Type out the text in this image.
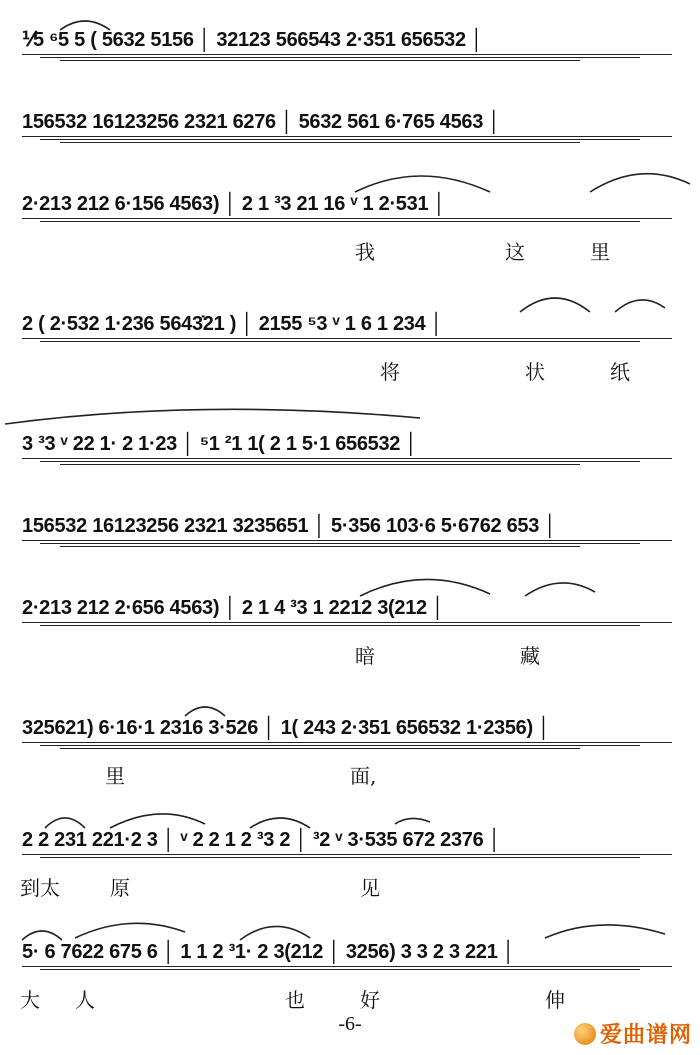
⅟5 ⁶5 5 ( 5632 5156 │ 32123 566543 2·351 656532 │
156532 16123256 2321 6276 │ 5632 561 6·765 4563 │
2·213 212 6·156 4563) │ 2 1 ³3 21 16 ᵛ 1 2·531 │
我	这	里
2 ( 2·532 1·236 5643̇21 ) │ 2155 ⁵3 ᵛ 1 6 1 234 │
将	状	纸
3 ³3 ᵛ 22 1· 2 1·23 │ ⁵1 ²1 1( 2 1 5·1 656532 │
156532 16123256 2321 3235651 │ 5·356 103·6 5·6762 653 │
2·213 212 2·656 4563) │ 2 1 4 ³3 1 2212 3(212 │
暗	藏
325621) 6·16·1 2316 3·526 │ 1( 243 2·351 656532 1·2356) │
里	面,
2 2 231 221·2 3 │ ᵛ 2 2 1 2 ³3 2 │ ³2 ᵛ 3·535 672 2376 │
到太	原	见
5· 6 7622 675 6 │ 1 1 2 ³1· 2 3(212 │ 3256) 3 3 2 3 221 │
大 人	也	好	伸
-6-	爱曲谱网
